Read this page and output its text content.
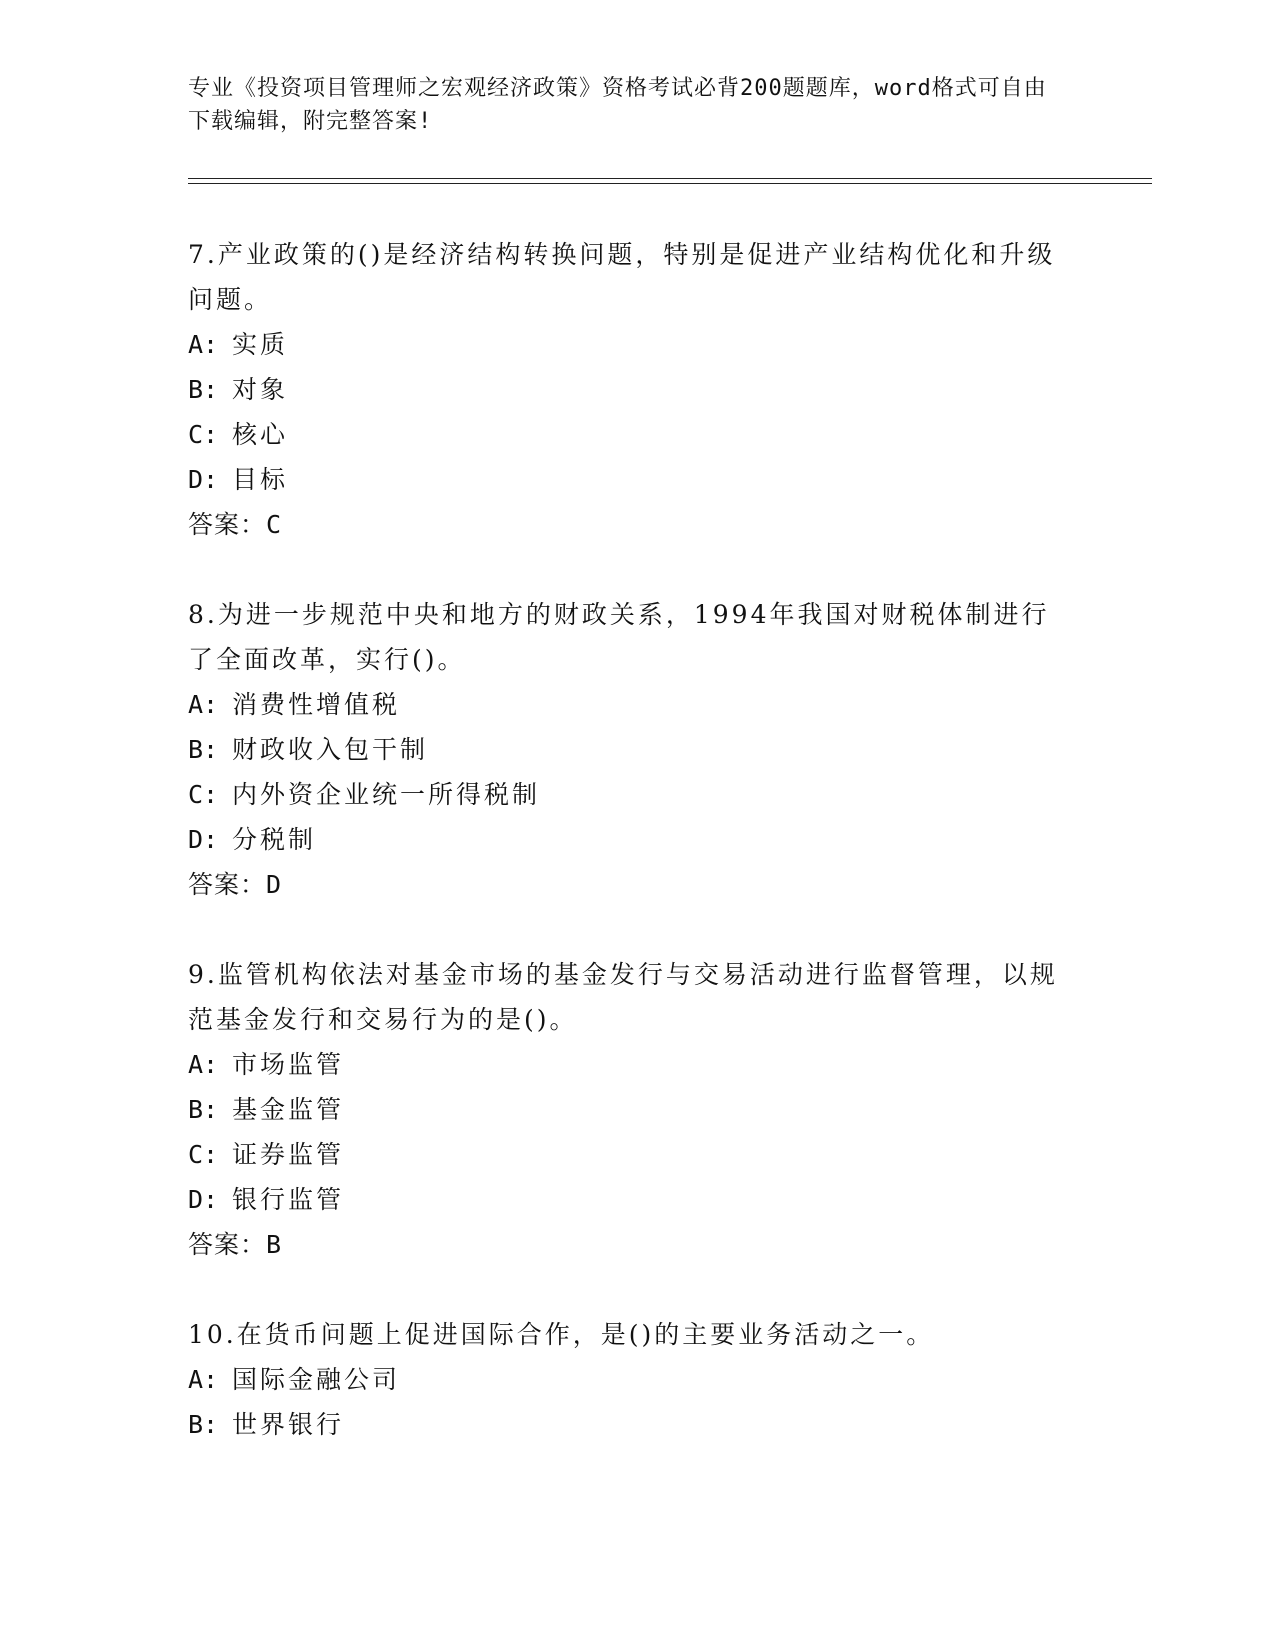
专业《投资项目管理师之宏观经济政策》资格考试必背200题题库，word格式可自由下载编辑，附完整答案!
7.产业政策的()是经济结构转换问题，特别是促进产业结构优化和升级问题。
A: 实质
B: 对象
C: 核心
D: 目标
答案：C
8.为进一步规范中央和地方的财政关系，1994年我国对财税体制进行了全面改革，实行()。
A: 消费性增值税
B: 财政收入包干制
C: 内外资企业统一所得税制
D: 分税制
答案：D
9.监管机构依法对基金市场的基金发行与交易活动进行监督管理，以规范基金发行和交易行为的是()。
A: 市场监管
B: 基金监管
C: 证券监管
D: 银行监管
答案：B
10.在货币问题上促进国际合作，是()的主要业务活动之一。
A: 国际金融公司
B: 世界银行
